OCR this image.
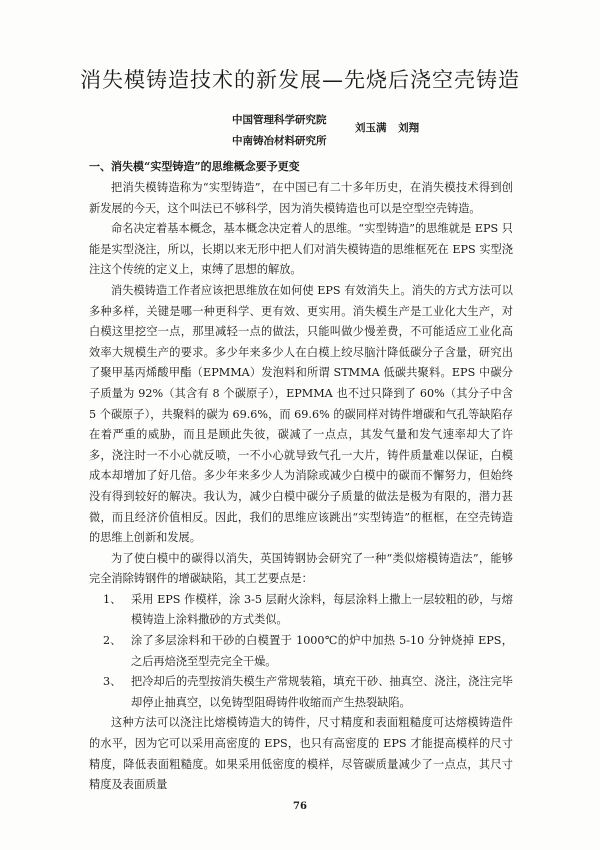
消失模铸造技术的新发展—先烧后浇空壳铸造
中国管理科学研究院
中南铸冶材料研究所
刘玉满 刘翔
一、消失模“实型铸造”的思维概念要予更变

把消失模铸造称为“实型铸造”，在中国已有二十多年历史，在消失模技术得到创新发展的今天，这个叫法已不够科学，因为消失模铸造也可以是空型空壳铸造。

命名决定着基本概念，基本概念决定着人的思维。“实型铸造”的思维就是 EPS 只能是实型浇注，所以，长期以来无形中把人们对消失模铸造的思维框死在 EPS 实型浇注这个传统的定义上，束缚了思想的解放。

消失模铸造工作者应该把思维放在如何使 EPS 有效消失上。消失的方式方法可以多种多样，关键是哪一种更科学、更有效、更实用。消失模生产是工业化大生产，对白模这里挖空一点，那里减轻一点的做法，只能叫做少慢差费，不可能适应工业化高效率大规模生产的要求。多少年来多少人在白模上绞尽脑汁降低碳分子含量，研究出了聚甲基丙烯酸甲酯（EPMMA）发泡料和所谓 STMMA 低碳共聚料。EPS 中碳分子质量为 92%（其含有 8 个碳原子），EPMMA 也不过只降到了 60%（其分子中含 5 个碳原子），共聚料的碳为 69.6%，而 69.6% 的碳同样对铸件增碳和气孔等缺陷存在着严重的威胁，而且是顾此失彼，碳减了一点点，其发气量和发气速率却大了许多，浇注时一不小心就反喷，一不小心就导致气孔一大片，铸件质量难以保证，白模成本却增加了好几倍。多少年来多少人为消除或减少白模中的碳而不懈努力，但始终没有得到较好的解决。我认为，减少白模中碳分子质量的做法是极为有限的，潜力甚微，而且经济价值相反。因此，我们的思维应该跳出“实型铸造”的框框，在空壳铸造的思维上创新和发展。

为了使白模中的碳得以消失，英国铸钢协会研究了一种“类似熔模铸造法”，能够完全消除铸钢件的增碳缺陷，其工艺要点是：

1、 采用 EPS 作模样，涂 3-5 层耐火涂料，每层涂料上撒上一层较粗的砂，与熔模铸造上涂料撒砂的方式类似。
2、 涂了多层涂料和干砂的白模置于 1000℃的炉中加热 5-10 分钟烧掉 EPS，之后再焙浇至型壳完全干燥。
3、 把冷却后的壳型按消失模生产常规装箱，填充干砂、抽真空、浇注，浇注完毕却停止抽真空，以免铸型阻碍铸件收缩而产生热裂缺陷。

这种方法可以浇注比熔模铸造大的铸件，尺寸精度和表面粗糙度可达熔模铸造件的水平，因为它可以采用高密度的 EPS，也只有高密度的 EPS 才能提高模样的尺寸精度，降低表面粗糙度。如果采用低密度的模样，尽管碳质量减少了一点点，其尺寸精度及表面质量

76
